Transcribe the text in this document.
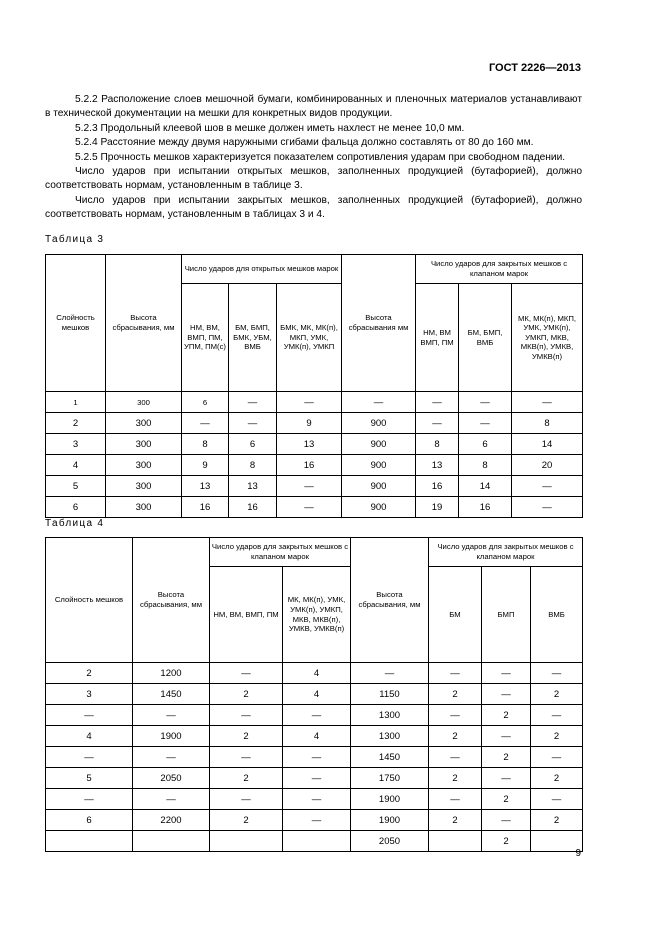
ГОСТ 2226—2013

5.2.2 Расположение слоев мешочной бумаги, комбинированных и пленочных материалов устанавливают в технической документации на мешки для конкретных видов продукции.

5.2.3 Продольный клеевой шов в мешке должен иметь нахлест не менее 10,0 мм.

5.2.4 Расстояние между двумя наружными сгибами фальца должно составлять от 80 до 160 мм.

5.2.5 Прочность мешков характеризуется показателем сопротивления ударам при свободном падении.

Число ударов при испытании открытых мешков, заполненных продукцией (бутафорией), должно соответствовать нормам, установленным в таблице 3.

Число ударов при испытании закрытых мешков, заполненных продукцией (бутафорией), должно соответствовать нормам, установленным в таблицах 3 и 4.

Таблица 3
Слойность мешков	Высота сбрасывания, мм	Число ударов для открытых мешков марок			Высота сбрасывания мм	Число ударов для закрытых мешков с клапаном марок		
		НМ, ВМ, ВМП, ПМ, УПМ, ПМ(с)	БМ, БМП, БМК, УБМ, ВМБ	БМК, МК, МК(п), МКП, УМК, УМК(п), УМКП		НМ, ВМ ВМП, ПМ	БМ, БМП, ВМБ	МК, МК(п), МКП, УМК, УМК(п), УМКП, МКВ, МКВ(п), УМКВ, УМКВ(п)
1	300	6	—	—	—	—	—	—
2	300	—	—	9	900	—	—	8
3	300	8	6	13	900	8	6	14
4	300	9	8	16	900	13	8	20
5	300	13	13	—	900	16	14	—
6	300	16	16	—	900	19	16	—
Таблица 4
Слойность мешков	Высота сбрасывания, мм	Число ударов для закрытых мешков с клапаном марок		Высота сбрасывания, мм	Число ударов для закрытых мешков с клапаном марок		
		НМ, ВМ, ВМП, ПМ	МК, МК(п), УМК, УМК(п), УМКП, МКВ, МКВ(п), УМКВ, УМКВ(п)		БМ	БМП	ВМБ
2	1200	—	4	—	—	—	—
3	1450	2	4	1150	2	—	2
—	—	—	—	1300	—	2	—
4	1900	2	4	1300	2	—	2
—	—	—	—	1450	—	2	—
5	2050	2	—	1750	2	—	2
—	—	—	—	1900	—	2	—
6	2200	2	—	1900	2	—	2
				2050		2	
9
